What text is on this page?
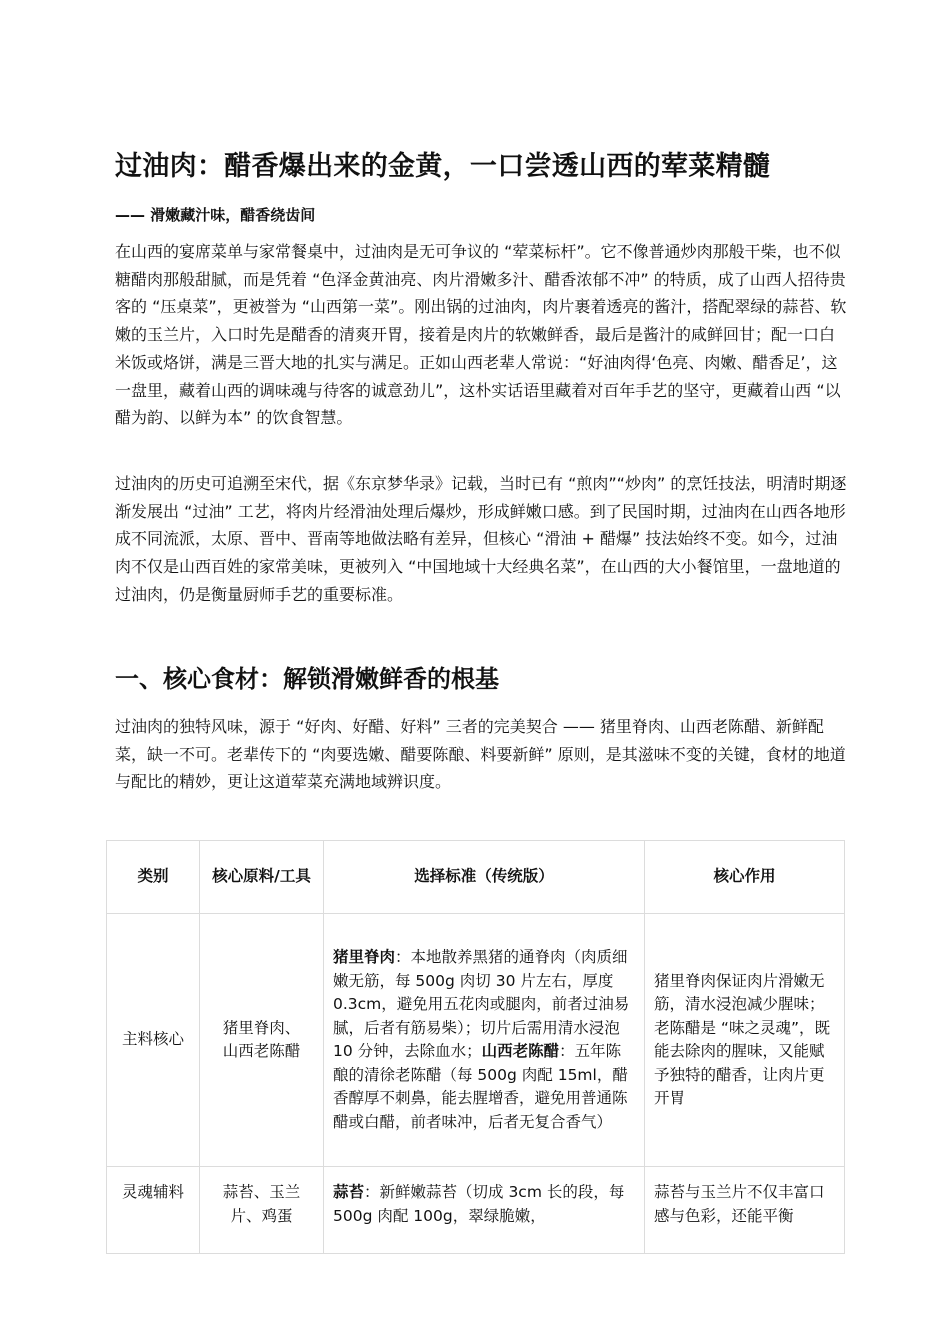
过油肉：醋香爆出来的金黄，一口尝透山西的荤菜精髓

—— 滑嫩藏汁味，醋香绕齿间

在山西的宴席菜单与家常餐桌中，过油肉是无可争议的 “荤菜标杆”。它不像普通炒肉那般干柴，也不似糖醋肉那般甜腻，而是凭着 “色泽金黄油亮、肉片滑嫩多汁、醋香浓郁不冲” 的特质，成了山西人招待贵客的 “压桌菜”，更被誉为 “山西第一菜”。刚出锅的过油肉，肉片裹着透亮的酱汁，搭配翠绿的蒜苔、软嫩的玉兰片，入口时先是醋香的清爽开胃，接着是肉片的软嫩鲜香，最后是酱汁的咸鲜回甘；配一口白米饭或烙饼，满是三晋大地的扎实与满足。正如山西老辈人常说：“好油肉得‘色亮、肉嫩、醋香足’，这一盘里，藏着山西的调味魂与待客的诚意劲儿”，这朴实话语里藏着对百年手艺的坚守，更藏着山西 “以醋为韵、以鲜为本” 的饮食智慧。

过油肉的历史可追溯至宋代，据《东京梦华录》记载，当时已有 “煎肉”“炒肉” 的烹饪技法，明清时期逐渐发展出 “过油” 工艺，将肉片经滑油处理后爆炒，形成鲜嫩口感。到了民国时期，过油肉在山西各地形成不同流派，太原、晋中、晋南等地做法略有差异，但核心 “滑油 + 醋爆” 技法始终不变。如今，过油肉不仅是山西百姓的家常美味，更被列入 “中国地域十大经典名菜”，在山西的大小餐馆里，一盘地道的过油肉，仍是衡量厨师手艺的重要标准。

一、核心食材：解锁滑嫩鲜香的根基

过油肉的独特风味，源于 “好肉、好醋、好料” 三者的完美契合 —— 猪里脊肉、山西老陈醋、新鲜配菜，缺一不可。老辈传下的 “肉要选嫩、醋要陈酿、料要新鲜” 原则，是其滋味不变的关键，食材的地道与配比的精妙，更让这道荤菜充满地域辨识度。

类别	核心原料/工具	选择标准（传统版）	核心作用
主料核心	猪里脊肉、山西老陈醋	猪里脊肉：本地散养黑猪的通脊肉（肉质细嫩无筋，每 500g 肉切 30 片左右，厚度 0.3cm，避免用五花肉或腿肉，前者过油易腻，后者有筋易柴）；切片后需用清水浸泡 10 分钟，去除血水；山西老陈醋：五年陈酿的清徐老陈醋（每 500g 肉配 15ml，醋香醇厚不刺鼻，能去腥增香，避免用普通陈醋或白醋，前者味冲，后者无复合香气）	猪里脊肉保证肉片滑嫩无筋，清水浸泡减少腥味；老陈醋是 “味之灵魂”，既能去除肉的腥味，又能赋予独特的醋香，让肉片更开胃
灵魂辅料	蒜苔、玉兰片、鸡蛋	蒜苔：新鲜嫩蒜苔（切成 3cm 长的段，每 500g 肉配 100g，翠绿脆嫩，	蒜苔与玉兰片不仅丰富口感与色彩，还能平衡
